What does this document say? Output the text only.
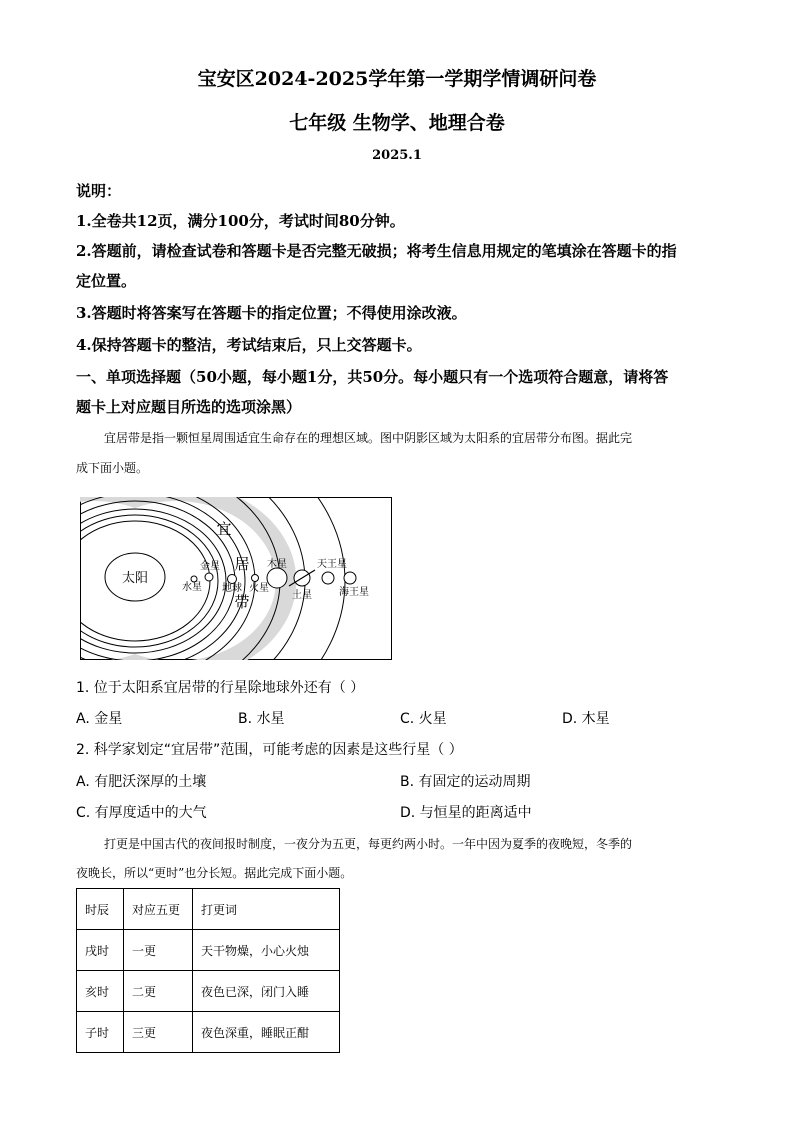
宝安区2024-2025学年第一学期学情调研问卷
七年级 生物学、地理合卷
2025.1
说明：
1.全卷共12页，满分100分，考试时间80分钟。
2.答题前，请检查试卷和答题卡是否完整无破损；将考生信息用规定的笔填涂在答题卡的指
定位置。
3.答题时将答案写在答题卡的指定位置；不得使用涂改液。
4.保持答题卡的整洁，考试结束后，只上交答题卡。
一、单项选择题（50小题，每小题1分，共50分。每小题只有一个选项符合题意，请将答
题卡上对应题目所选的选项涂黑）
宜居带是指一颗恒星周围适宜生命存在的理想区域。图中阴影区域为太阳系的宜居带分布图。据此完
成下面小题。
太阳
宜
居
带
水星
金星
地球 火星
木星
土星
天王星
海王星
1. 位于太阳系宜居带的行星除地球外还有（ ）
A. 金星	B. 水星	C. 火星	D. 木星
2. 科学家划定“宜居带”范围，可能考虑的因素是这些行星（ ）
A. 有肥沃深厚的土壤	B. 有固定的运动周期
C. 有厚度适中的大气	D. 与恒星的距离适中
打更是中国古代的夜间报时制度，一夜分为五更，每更约两小时。一年中因为夏季的夜晚短，冬季的
夜晚长，所以“更时”也分长短。据此完成下面小题。
时辰	对应五更	打更词
戌时	一更	天干物燥，小心火烛
亥时	二更	夜色已深，闭门入睡
子时	三更	夜色深重，睡眠正酣
